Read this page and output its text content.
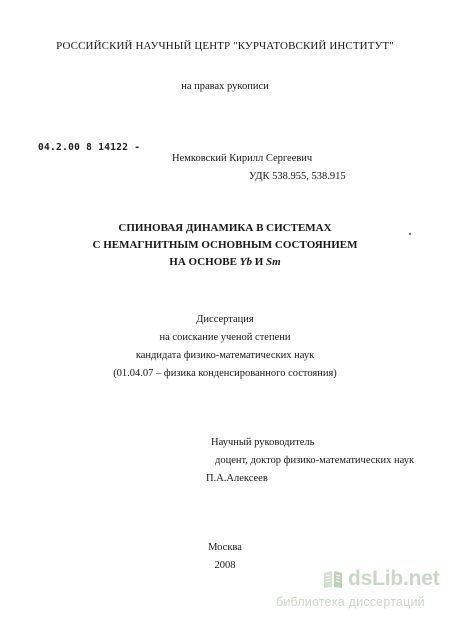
РОССИЙСКИЙ НАУЧНЫЙ ЦЕНТР "КУРЧАТОВСКИЙ ИНСТИТУТ"
на правах рукописи
04.2.00 8 14122 -
Немковский Кирилл Сергеевич
УДК 538.955, 538.915
СПИНОВАЯ ДИНАМИКА В СИСТЕМАХ
С НЕМАГНИТНЫМ ОСНОВНЫМ СОСТОЯНИЕМ
НА ОСНОВЕ Yb И Sm
Диссертация
на соискание ученой степени
кандидата физико-математических наук
(01.04.07 – физика конденсированного состояния)
Научный руководитель
доцент, доктор физико-математических наук
П.А.Алексеев
Москва
2008
dsLib.net
библиотека диссертаций
